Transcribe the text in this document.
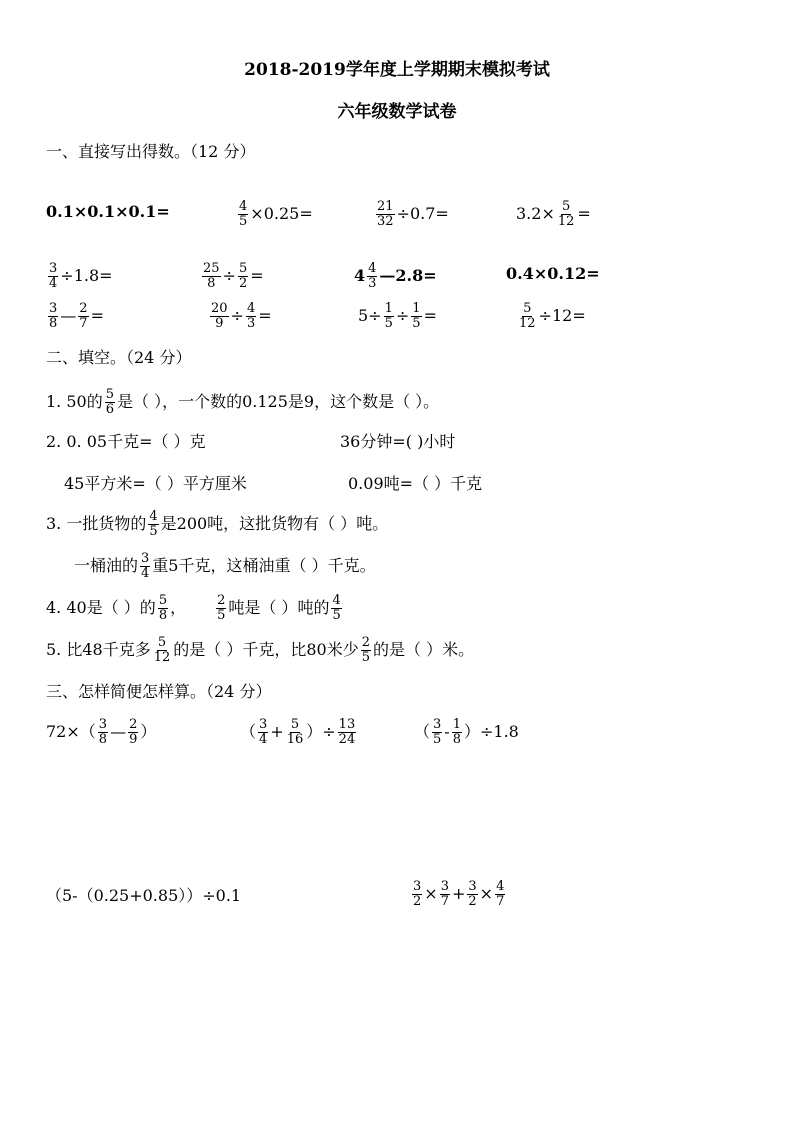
2018-2019学年度上学期期末模拟考试
六年级数学试卷
一、直接写出得数。（12 分）
0.1×0.1×0.1=	$\frac{4}{5} \times 0.25=$	$\frac{21}{32} \div 0.7=$	$3.2\times \frac{5}{12}$ =
$\frac{3}{4} \div 1.8=$	$\frac{25}{8} \div \frac{5}{2}$ =	$4 \frac{4}{3}$ —2.8=	0.4×0.12=
$\frac{3}{8}$ — $\frac{2}{7}$ =	$\frac{20}{9} \div \frac{4}{3}$ =	$5\div \frac{1}{5} \div \frac{1}{5}$ =	$\frac{5}{12} \div 12=$
二、填空。（24 分）
1. 50的 $\frac{5}{6}$ 是（ ），一个数的0.125是9，这个数是（ ）。
2. 0. 05千克=（ ）克	36分钟=( )小时
45平方米=（ ）平方厘米	0.09吨=（ ）千克
3. 一批货物的 $\frac{4}{5}$ 是200吨，这批货物有（ ）吨。
一桶油的 $\frac{3}{4}$ 重5千克，这桶油重（ ）千克。
4. 40是（ ）的 $\frac{5}{8}$ ， $\frac{2}{5}$ 吨是（ ）吨的 $\frac{4}{5}$
5. 比48千克多 $\frac{5}{12}$ 的是（ ）千克，比80米少 $\frac{2}{5}$ 的是（ ）米。
三、怎样简便怎样算。（24 分）
$72\times( \frac{3}{8}$ — $\frac{2}{9}$ ）	（ $\frac{3}{4} + \frac{5}{16}$ ）÷ $\frac{13}{24}$	（ $\frac{3}{5} - \frac{1}{8} )\div 1.8$
（5-（0.25+0.85））÷0.1	$\frac{3}{2} \times \frac{3}{7} + \frac{3}{2} \times \frac{4}{7}$
